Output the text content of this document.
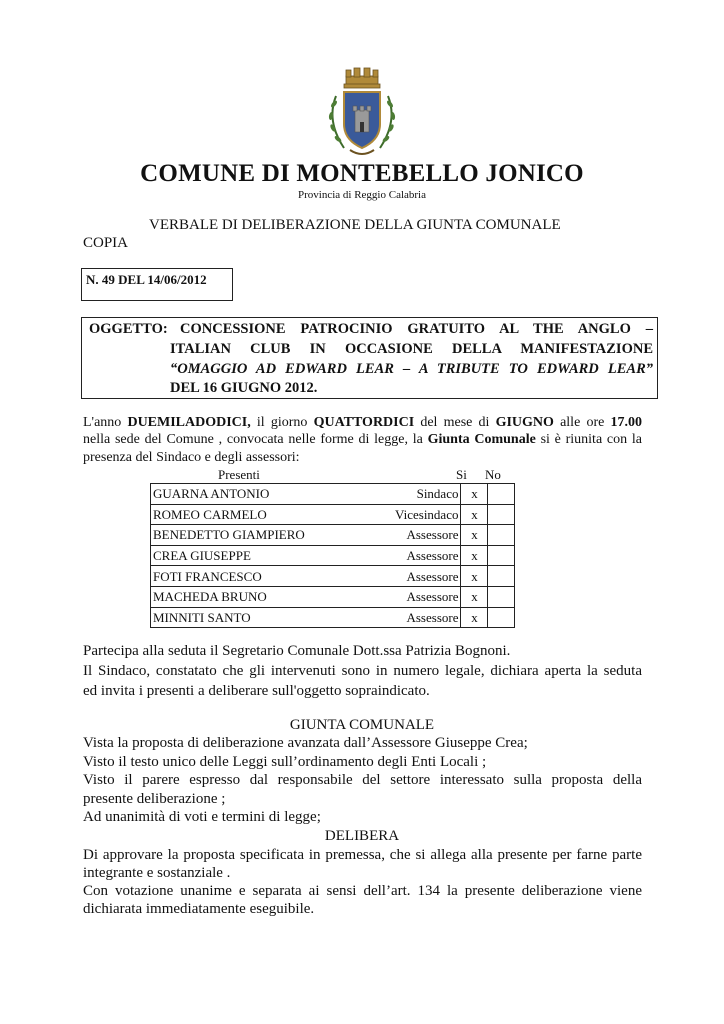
COMUNE DI MONTEBELLO JONICO
Provincia di Reggio Calabria
VERBALE DI DELIBERAZIONE DELLA GIUNTA COMUNALE
COPIA
N. 49 DEL 14/06/2012
OGGETTO: CONCESSIONE PATROCINIO GRATUITO AL THE ANGLO –
ITALIAN CLUB IN OCCASIONE DELLA MANIFESTAZIONE
“OMAGGIO AD EDWARD LEAR – A TRIBUTE TO EDWARD LEAR”
DEL 16 GIUGNO 2012.
L'anno DUEMILADODICI, il giorno QUATTORDICI del mese di GIUGNO alle ore 17.00
nella sede del Comune , convocata nelle forme di legge, la Giunta Comunale si è riunita con la
presenza del Sindaco e degli assessori:
Presenti	Si No
GUARNA ANTONIO	Sindaco	x	
ROMEO CARMELO	Vicesindaco	x	
BENEDETTO GIAMPIERO	Assessore	x	
CREA GIUSEPPE	Assessore	x	
FOTI FRANCESCO	Assessore	x	
MACHEDA BRUNO	Assessore	x	
MINNITI SANTO	Assessore	x	
Partecipa alla seduta il Segretario Comunale Dott.ssa Patrizia Bognoni.
Il Sindaco, constatato che gli intervenuti sono in numero legale, dichiara aperta la seduta
ed invita i presenti a deliberare sull'oggetto sopraindicato.
GIUNTA COMUNALE
Vista la proposta di deliberazione avanzata dall’Assessore Giuseppe Crea;
Visto il testo unico delle Leggi sull’ordinamento degli Enti Locali ;
Visto il parere espresso dal responsabile del settore interessato sulla proposta della
presente deliberazione ;
Ad unanimità di voti e termini di legge;
DELIBERA
Di approvare la proposta specificata in premessa, che si allega alla presente per farne parte
integrante e sostanziale .
Con votazione unanime e separata ai sensi dell’art. 134 la presente deliberazione viene
dichiarata immediatamente eseguibile.
